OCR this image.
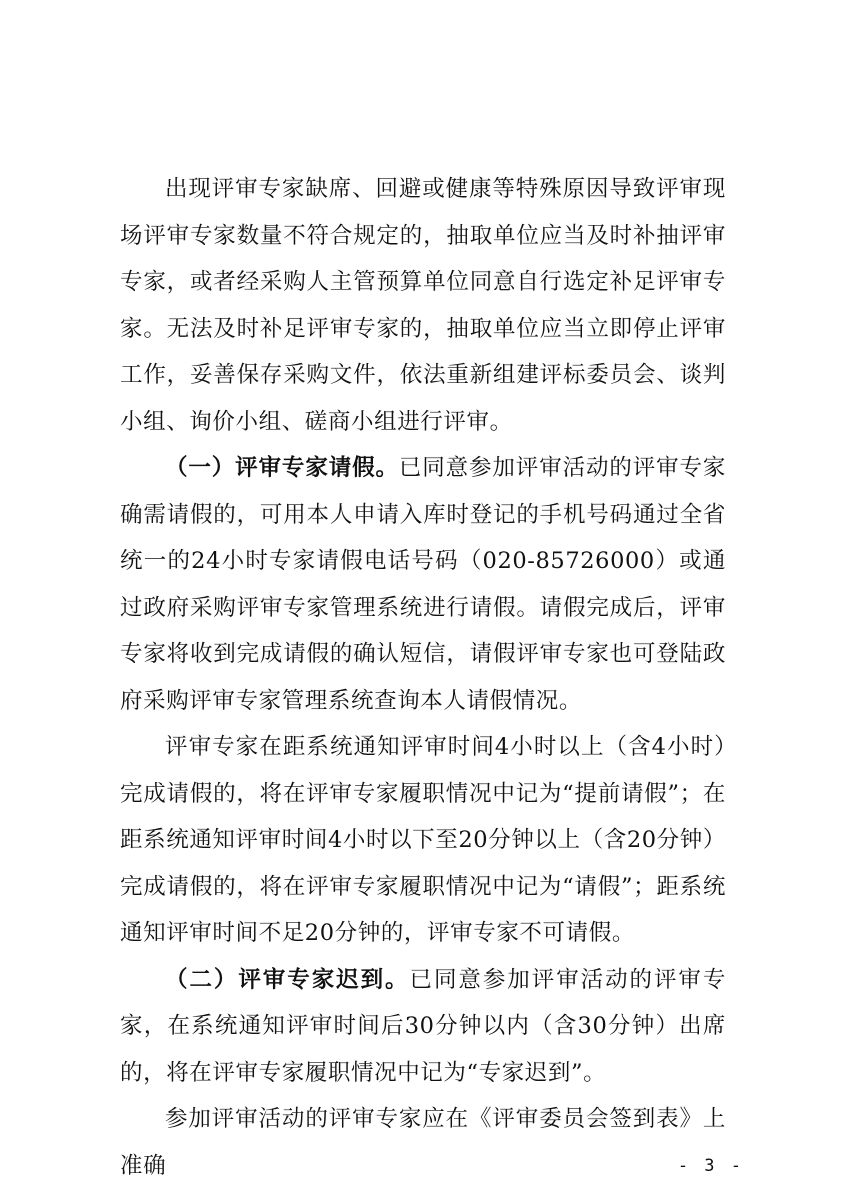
出现评审专家缺席、回避或健康等特殊原因导致评审现场评审专家数量不符合规定的，抽取单位应当及时补抽评审专家，或者经采购人主管预算单位同意自行选定补足评审专家。无法及时补足评审专家的，抽取单位应当立即停止评审工作，妥善保存采购文件，依法重新组建评标委员会、谈判小组、询价小组、磋商小组进行评审。

（一）评审专家请假。已同意参加评审活动的评审专家确需请假的，可用本人申请入库时登记的手机号码通过全省统一的24小时专家请假电话号码（020-85726000）或通过政府采购评审专家管理系统进行请假。请假完成后，评审专家将收到完成请假的确认短信，请假评审专家也可登陆政府采购评审专家管理系统查询本人请假情况。

评审专家在距系统通知评审时间4小时以上（含4小时）完成请假的，将在评审专家履职情况中记为“提前请假”；在距系统通知评审时间4小时以下至20分钟以上（含20分钟）完成请假的，将在评审专家履职情况中记为“请假”；距系统通知评审时间不足20分钟的，评审专家不可请假。

（二）评审专家迟到。已同意参加评审活动的评审专家，在系统通知评审时间后30分钟以内（含30分钟）出席的，将在评审专家履职情况中记为“专家迟到”。

参加评审活动的评审专家应在《评审委员会签到表》上准确	- 3 -
